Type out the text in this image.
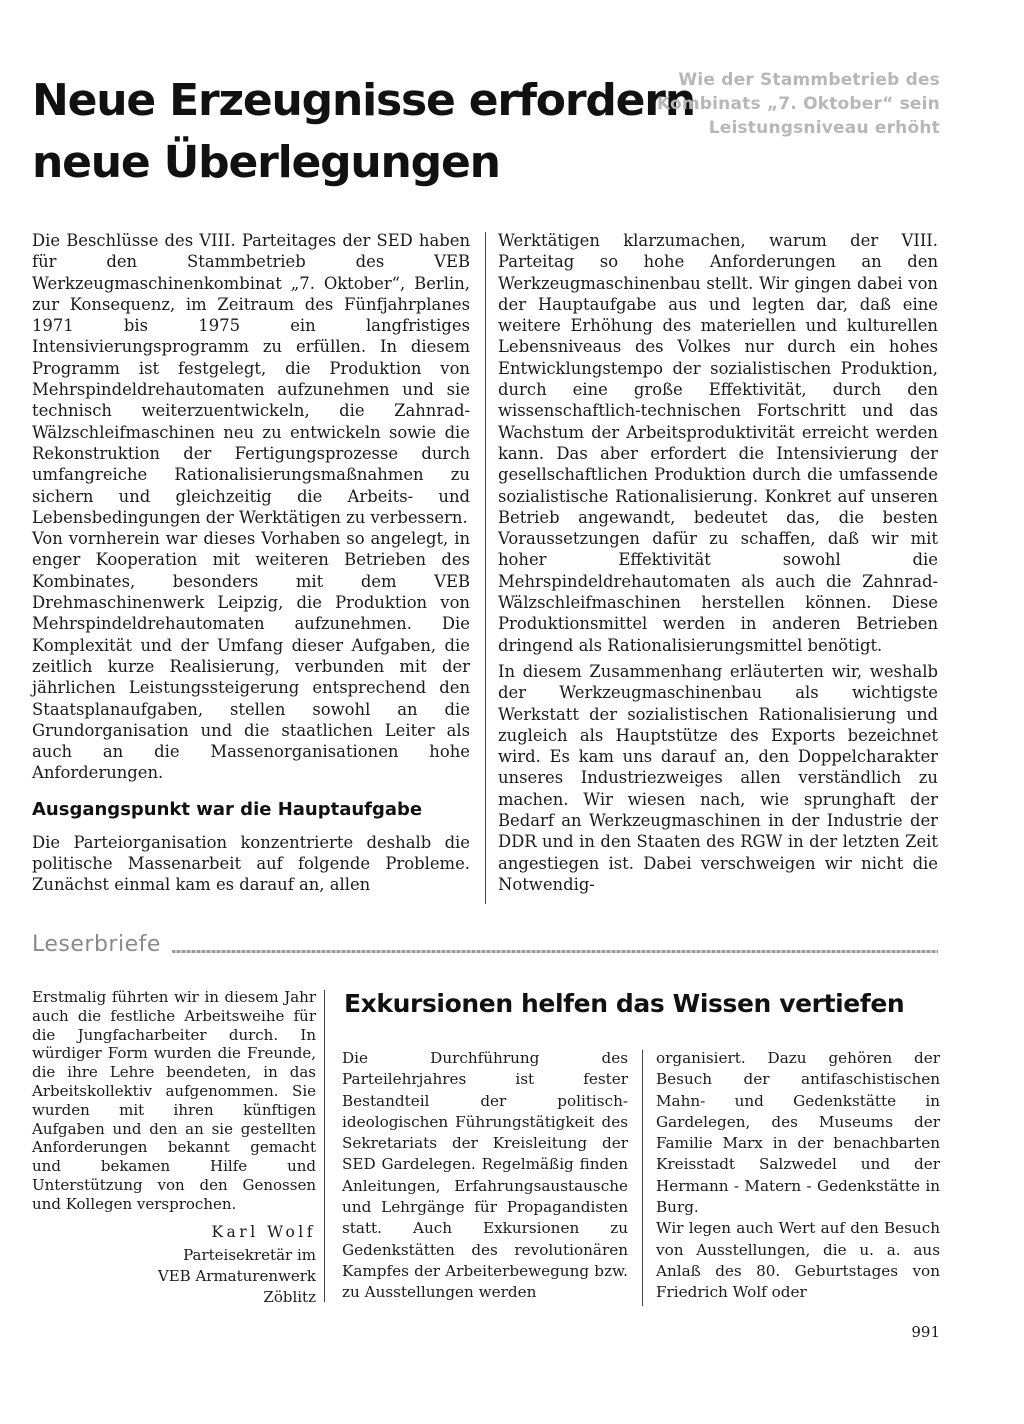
Neue Erzeugnisse erfordern neue Überlegungen
Wie der Stammbetrieb des Kombinats „7. Oktober“ sein Leistungsniveau erhöht

Die Beschlüsse des VIII. Parteitages der SED haben für den Stammbetrieb des VEB Werkzeugmaschinenkombinat „7. Oktober“, Berlin, zur Konsequenz, im Zeitraum des Fünfjahrplanes 1971 bis 1975 ein langfristiges Intensivierungsprogramm zu erfüllen. In diesem Programm ist festgelegt, die Produktion von Mehrspindeldrehautomaten aufzunehmen und sie technisch weiterzuentwickeln, die Zahnrad-Wälzschleifmaschinen neu zu entwickeln sowie die Rekonstruktion der Fertigungsprozesse durch umfangreiche Rationalisierungsmaßnahmen zu sichern und gleichzeitig die Arbeits- und Lebensbedingungen der Werktätigen zu verbessern.

Von vornherein war dieses Vorhaben so angelegt, in enger Kooperation mit weiteren Betrieben des Kombinates, besonders mit dem VEB Drehmaschinenwerk Leipzig, die Produktion von Mehrspindeldrehautomaten aufzunehmen. Die Komplexität und der Umfang dieser Aufgaben, die zeitlich kurze Realisierung, verbunden mit der jährlichen Leistungssteigerung entsprechend den Staatsplanaufgaben, stellen sowohl an die Grundorganisation und die staatlichen Leiter als auch an die Massenorganisationen hohe Anforderungen.

Ausgangspunkt war die Hauptaufgabe

Die Parteiorganisation konzentrierte deshalb die politische Massenarbeit auf folgende Probleme. Zunächst einmal kam es darauf an, allen

Werktätigen klarzumachen, warum der VIII. Parteitag so hohe Anforderungen an den Werkzeugmaschinenbau stellt. Wir gingen dabei von der Hauptaufgabe aus und legten dar, daß eine weitere Erhöhung des materiellen und kulturellen Lebensniveaus des Volkes nur durch ein hohes Entwicklungstempo der sozialistischen Produktion, durch eine große Effektivität, durch den wissenschaftlich-technischen Fortschritt und das Wachstum der Arbeitsproduktivität erreicht werden kann. Das aber erfordert die Intensivierung der gesellschaftlichen Produktion durch die umfassende sozialistische Rationalisierung. Konkret auf unseren Betrieb angewandt, bedeutet das, die besten Voraussetzungen dafür zu schaffen, daß wir mit hoher Effektivität sowohl die Mehrspindeldrehautomaten als auch die Zahnrad-Wälzschleifmaschinen herstellen können. Diese Produktionsmittel werden in anderen Betrieben dringend als Rationalisierungsmittel benötigt.

In diesem Zusammenhang erläuterten wir, weshalb der Werkzeugmaschinenbau als wichtigste Werkstatt der sozialistischen Rationalisierung und zugleich als Hauptstütze des Exports bezeichnet wird. Es kam uns darauf an, den Doppelcharakter unseres Industriezweiges allen verständlich zu machen. Wir wiesen nach, wie sprunghaft der Bedarf an Werkzeugmaschinen in der Industrie der DDR und in den Staaten des RGW in der letzten Zeit angestiegen ist. Dabei verschweigen wir nicht die Notwendig-

Leserbriefe

Erstmalig führten wir in diesem Jahr auch die festliche Arbeitsweihe für die Jungfacharbeiter durch. In würdiger Form wurden die Freunde, die ihre Lehre beendeten, in das Arbeitskollektiv aufgenommen. Sie wurden mit ihren künftigen Aufgaben und den an sie gestellten Anforderungen bekannt gemacht und bekamen Hilfe und Unterstützung von den Genossen und Kollegen versprochen.

Karl Wolf
Parteisekretär im
VEB Armaturenwerk
Zöblitz
Exkursionen helfen das Wissen vertiefen

Die Durchführung des Parteilehrjahres ist fester Bestandteil der politisch-ideologischen Führungstätigkeit des Sekretariats der Kreisleitung der SED Gardelegen. Regelmäßig finden Anleitungen, Erfahrungsaustausche und Lehrgänge für Propagandisten statt. Auch Exkursionen zu Gedenkstätten des revolutionären Kampfes der Arbeiterbewegung bzw. zu Ausstellungen werden

organisiert. Dazu gehören der Besuch der antifaschistischen Mahn- und Gedenkstätte in Gardelegen, des Museums der Familie Marx in der benachbarten Kreisstadt Salzwedel und der Hermann - Matern - Gedenkstätte in Burg.

Wir legen auch Wert auf den Besuch von Ausstellungen, die u. a. aus Anlaß des 80. Geburtstages von Friedrich Wolf oder

991
